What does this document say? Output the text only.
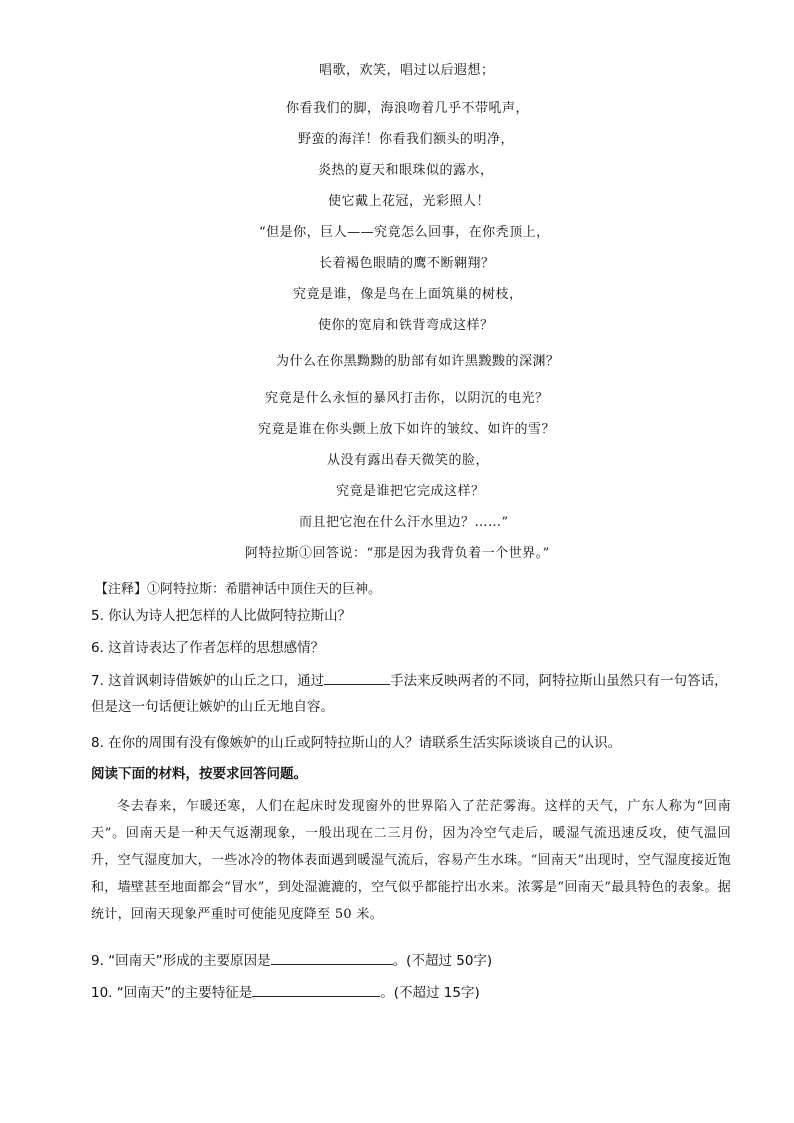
唱歌，欢笑，唱过以后遐想；
你看我们的脚，海浪吻着几乎不带吼声，
野蛮的海洋！你看我们额头的明净，
炎热的夏天和眼珠似的露水，
使它戴上花冠，光彩照人！
“但是你，巨人——究竟怎么回事，在你秃顶上，
长着褐色眼睛的鹰不断翱翔？
究竟是谁，像是鸟在上面筑巢的树枝，
使你的宽肩和铁背弯成这样？
为什么在你黑黝黝的肋部有如许黑黢黢的深渊？
究竟是什么永恒的暴风打击你，以阴沉的电光？
究竟是谁在你头颤上放下如许的皱纹、如许的雪？
从没有露出春天微笑的脸，
究竟是谁把它完成这样？
而且把它泡在什么汗水里边？……”
阿特拉斯①回答说：“那是因为我背负着一个世界。”
【注释】①阿特拉斯：希腊神话中顶住天的巨神。
5. 你认为诗人把怎样的人比做阿特拉斯山？
6. 这首诗表达了作者怎样的思想感情？
7. 这首讽刺诗借嫉妒的山丘之口，通过	手法来反映两者的不同，阿特拉斯山虽然只有一句答话，
但是这一句话便让嫉妒的山丘无地自容。
8. 在你的周围有没有像嫉妒的山丘或阿特拉斯山的人？请联系生活实际谈谈自己的认识。
阅读下面的材料，按要求回答问题。
冬去春来，乍暖还寒，人们在起床时发现窗外的世界陷入了茫茫雾海。这样的天气，广东人称为“回南天”。回南天是一种天气返潮现象，一般出现在二三月份，因为冷空气走后，暖湿气流迅速反攻，使气温回升，空气湿度加大，一些冰冷的物体表面遇到暖湿气流后，容易产生水珠。“回南天”出现时，空气湿度接近饱和，墙壁甚至地面都会“冒水”，到处湿漉漉的，空气似乎都能拧出水来。浓雾是“回南天”最具特色的表象。据统计，回南天现象严重时可使能见度降至 50 米。
9. “回南天”形成的主要原因是	。(不超过 50字)
10. “回南天”的主要特征是	。(不超过 15字)
